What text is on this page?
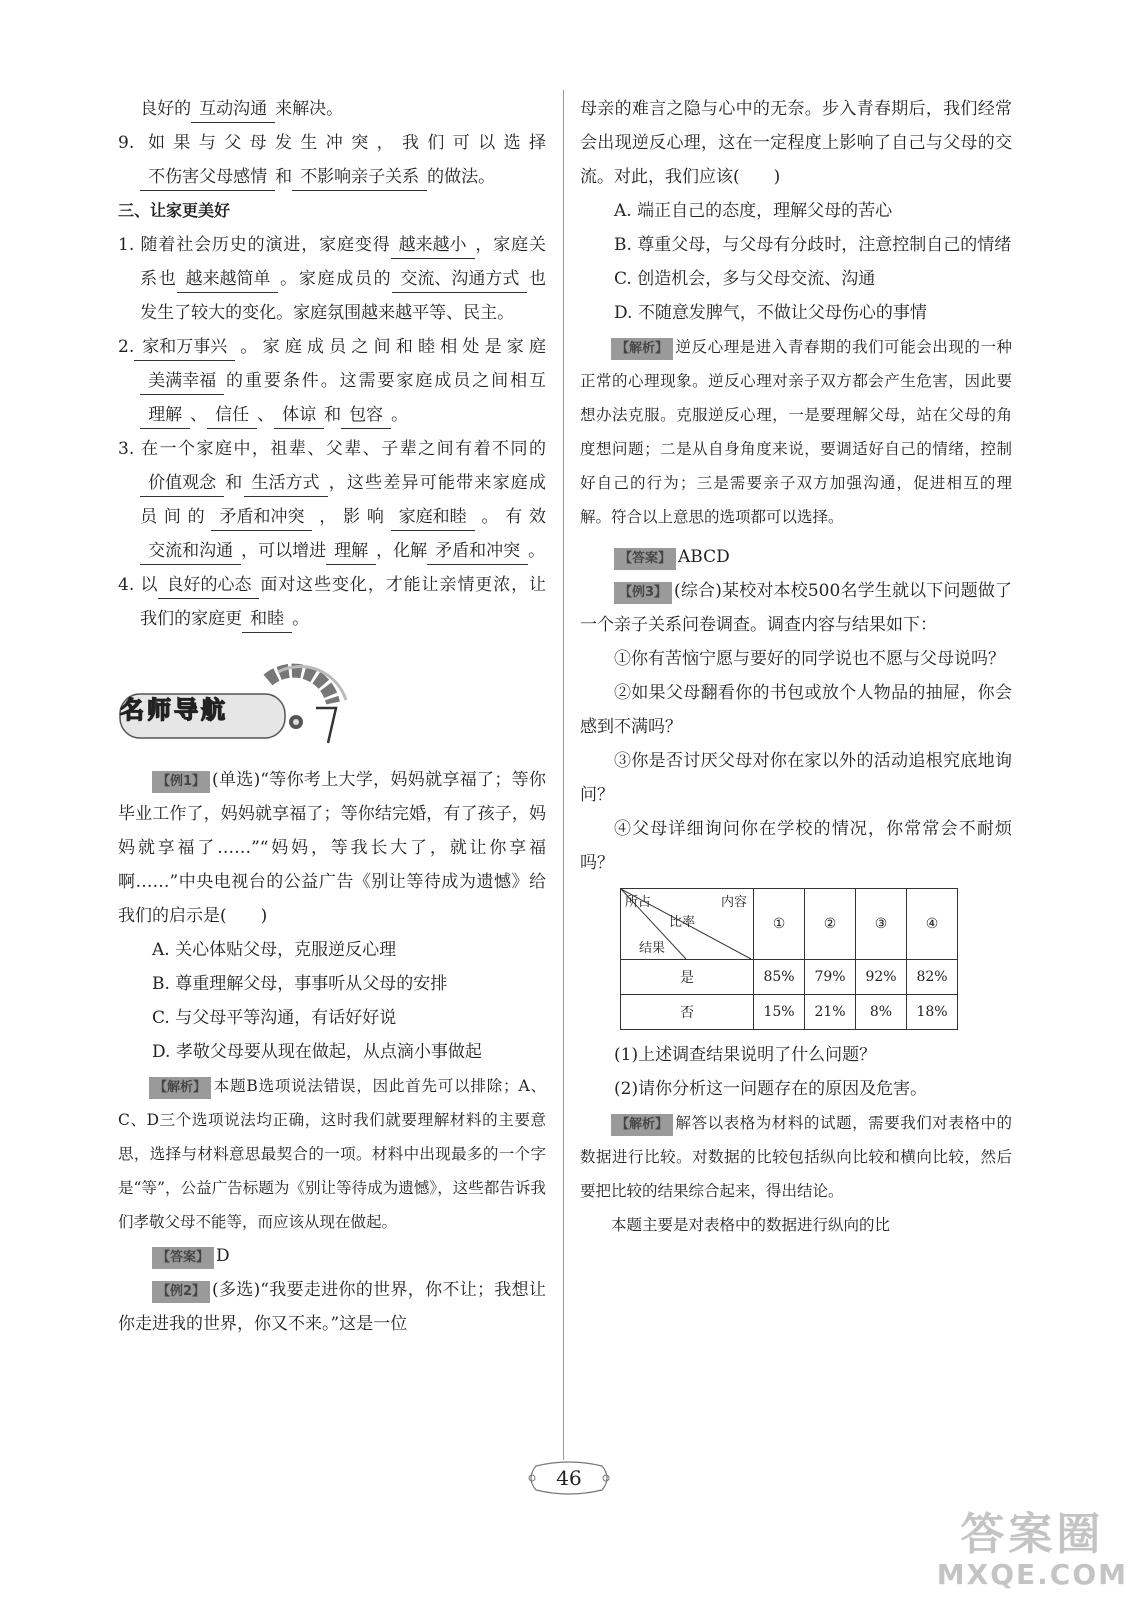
良好的 互动沟通 来解决。
9. 如果与父母发生冲突，我们可以选择不伤害父母感情 和 不影响亲子关系 的做法。
三、让家更美好
1. 随着社会历史的演进，家庭变得 越来越小 ，家庭关系也 越来越简单 。家庭成员的 交流、沟通方式 也发生了较大的变化。家庭氛围越来越平等、民主。
2. 家和万事兴 。家庭成员之间和睦相处是家庭美满幸福 的重要条件。这需要家庭成员之间相互理解 、 信任 、 体谅 和 包容 。
3. 在一个家庭中，祖辈、父辈、子辈之间有着不同的价值观念 和 生活方式 ，这些差异可能带来家庭成员间的 矛盾和冲突 ，影响 家庭和睦 。有效交流和沟通 ，可以增进 理解 ，化解 矛盾和冲突 。
4. 以 良好的心态 面对这些变化，才能让亲情更浓，让我们的家庭更 和睦 。
名师导航
【例1】 (单选)“等你考上大学，妈妈就享福了；等你毕业工作了，妈妈就享福了；等你结完婚，有了孩子，妈妈就享福了……”“妈妈，等我长大了，就让你享福啊……”中央电视台的公益广告《别让等待成为遗憾》给我们的启示是(　　)
A. 关心体贴父母，克服逆反心理
B. 尊重理解父母，事事听从父母的安排
C. 与父母平等沟通，有话好好说
D. 孝敬父母要从现在做起，从点滴小事做起
【解析】 本题B选项说法错误，因此首先可以排除；A、C、D三个选项说法均正确，这时我们就要理解材料的主要意思，选择与材料意思最契合的一项。材料中出现最多的一个字是“等”，公益广告标题为《别让等待成为遗憾》，这些都告诉我们孝敬父母不能等，而应该从现在做起。
【答案】 D
【例2】 (多选)“我要走进你的世界，你不让；我想让你走进我的世界，你又不来。”这是一位
母亲的难言之隐与心中的无奈。步入青春期后，我们经常会出现逆反心理，这在一定程度上影响了自己与父母的交流。对此，我们应该(　　)
A. 端正自己的态度，理解父母的苦心
B. 尊重父母，与父母有分歧时，注意控制自己的情绪
C. 创造机会，多与父母交流、沟通
D. 不随意发脾气，不做让父母伤心的事情
【解析】 逆反心理是进入青春期的我们可能会出现的一种正常的心理现象。逆反心理对亲子双方都会产生危害，因此要想办法克服。克服逆反心理，一是要理解父母，站在父母的角度想问题；二是从自身角度来说，要调适好自己的情绪，控制好自己的行为；三是需要亲子双方加强沟通，促进相互的理解。符合以上意思的选项都可以选择。
【答案】 ABCD
【例3】 (综合)某校对本校500名学生就以下问题做了一个亲子关系问卷调查。调查内容与结果如下：
①你有苦恼宁愿与要好的同学说也不愿与父母说吗？
②如果父母翻看你的书包或放个人物品的抽屉，你会感到不满吗？
③你是否讨厌父母对你在家以外的活动追根究底地询问？
④父母详细询问你在学校的情况，你常常会不耐烦吗？
所占 内容
比率
结果	①	②	③	④
是	85%	79%	92%	82%
否	15%	21%	8%	18%
(1)上述调查结果说明了什么问题？
(2)请你分析这一问题存在的原因及危害。
【解析】 解答以表格为材料的试题，需要我们对表格中的数据进行比较。对数据的比较包括纵向比较和横向比较，然后要把比较的结果综合起来，得出结论。
本题主要是对表格中的数据进行纵向的比
46
答案圈
MXQE.COM
